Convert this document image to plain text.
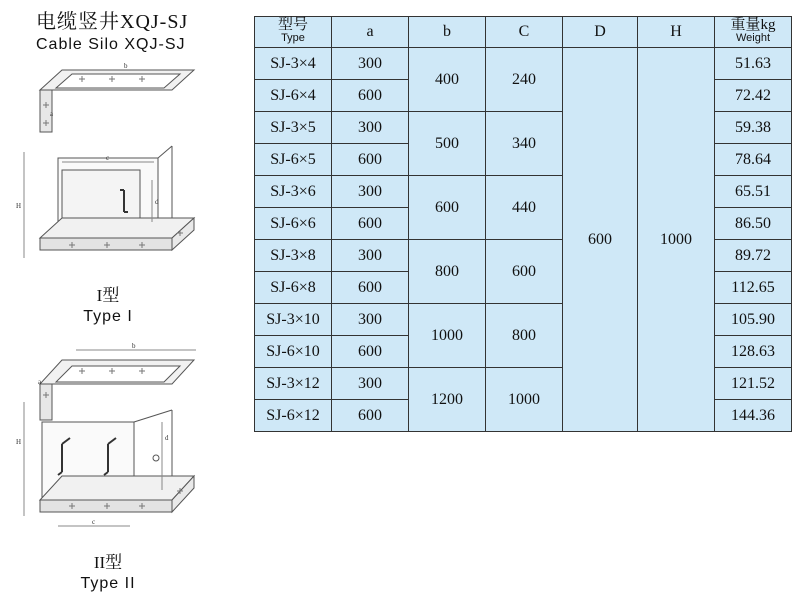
电缆竖井XQJ-SJ
Cable Silo XQJ-SJ
a
b
c
d
H
I型
Type I
b
a
H	d
c
II型
Type II
型号
Type	a	b	C	D	H	重量kg
Weight

SJ-3×4	300	400	240	600	1000	51.63
SJ-6×4	600					72.42
SJ-3×5	300	500	340			59.38
SJ-6×5	600					78.64
SJ-3×6	300	600	440			65.51
SJ-6×6	600					86.50
SJ-3×8	300	800	600			89.72
SJ-6×8	600					112.65
SJ-3×10	300	1000	800			105.90
SJ-6×10	600					128.63
SJ-3×12	300	1200	1000			121.52
SJ-6×12	600					144.36
